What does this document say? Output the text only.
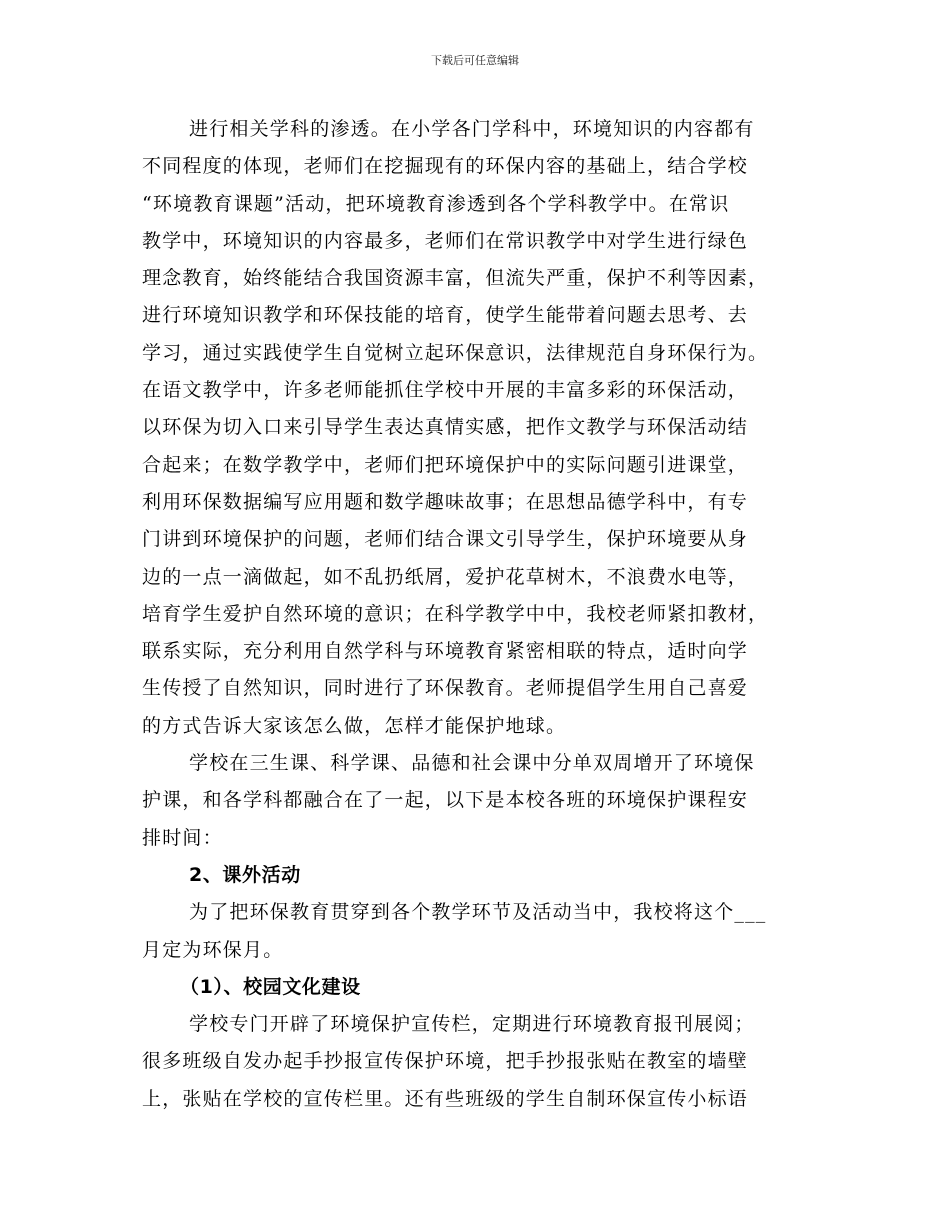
下载后可任意编辑
进行相关学科的渗透。在小学各门学科中，环境知识的内容都有
不同程度的体现，老师们在挖掘现有的环保内容的基础上，结合学校
“环境教育课题”活动，把环境教育渗透到各个学科教学中。在常识
教学中，环境知识的内容最多，老师们在常识教学中对学生进行绿色
理念教育，始终能结合我国资源丰富，但流失严重，保护不利等因素，
进行环境知识教学和环保技能的培育，使学生能带着问题去思考、去
学习，通过实践使学生自觉树立起环保意识，法律规范自身环保行为。
在语文教学中，许多老师能抓住学校中开展的丰富多彩的环保活动，
以环保为切入口来引导学生表达真情实感，把作文教学与环保活动结
合起来；在数学教学中，老师们把环境保护中的实际问题引进课堂，
利用环保数据编写应用题和数学趣味故事；在思想品德学科中，有专
门讲到环境保护的问题，老师们结合课文引导学生，保护环境要从身
边的一点一滴做起，如不乱扔纸屑，爱护花草树木，不浪费水电等，
培育学生爱护自然环境的意识；在科学教学中中，我校老师紧扣教材，
联系实际，充分利用自然学科与环境教育紧密相联的特点，适时向学
生传授了自然知识，同时进行了环保教育。老师提倡学生用自己喜爱
的方式告诉大家该怎么做，怎样才能保护地球。
学校在三生课、科学课、品德和社会课中分单双周增开了环境保
护课，和各学科都融合在了一起，以下是本校各班的环境保护课程安
排时间：
2、课外活动
为了把环保教育贯穿到各个教学环节及活动当中，我校将这个___
月定为环保月。
（1）、校园文化建设
学校专门开辟了环境保护宣传栏，定期进行环境教育报刊展阅；
很多班级自发办起手抄报宣传保护环境，把手抄报张贴在教室的墙壁
上，张贴在学校的宣传栏里。还有些班级的学生自制环保宣传小标语
